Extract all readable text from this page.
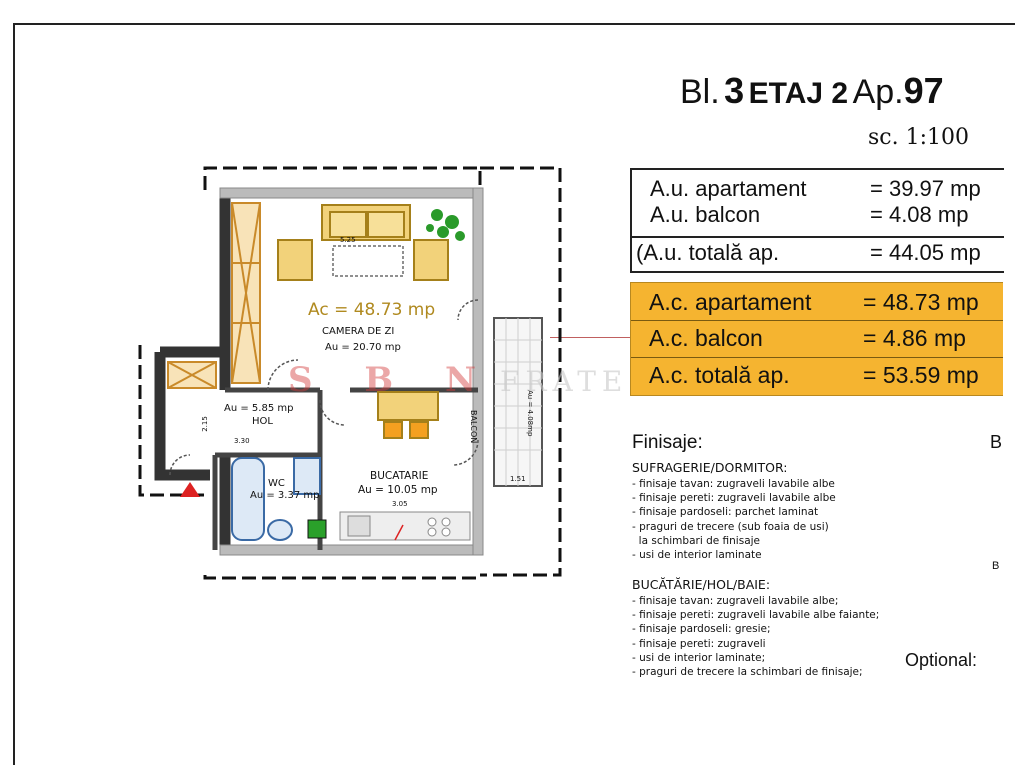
Bl. 3 ETAJ 2 Ap.97
sc. 1:100
A.u. apartament	= 39.97 mp
A.u. balcon	= 4.08 mp
(A.u. totală ap.	= 44.05 mp
A.c. apartament = 48.73 mp
A.c. balcon	= 4.86 mp
A.c. totală ap.	= 53.59 mp
Finisaje:	B
SUFRAGERIE/DORMITOR:
- finisaje tavan: zugraveli lavabile albe
- finisaje pereti: zugraveli lavabile albe
- finisaje pardoseli: parchet laminat
- praguri de trecere (sub foaia de usi)
la schimbari de finisaje
- usi de interior laminate
BUCĂTĂRIE/HOL/BAIE:
- finisaje tavan: zugraveli lavabile albe;
- finisaje pereti: zugraveli lavabile albe faiante;
- finisaje pardoseli: gresie;
- finisaje pereti: zugraveli
- usi de interior laminate;
- praguri de trecere la schimbari de finisaje;
B
Optional:
Ac = 48.73 mp
CAMERA DE ZI
Au = 20.70 mp
Au = 5.85 mp
HOL
WC
Au = 3.37 mp
BUCATARIE
Au = 10.05 mp
BALCON	Au = 4.08mp
5.25
3.30
2.15
3.05
1.51
S B N FRATE
